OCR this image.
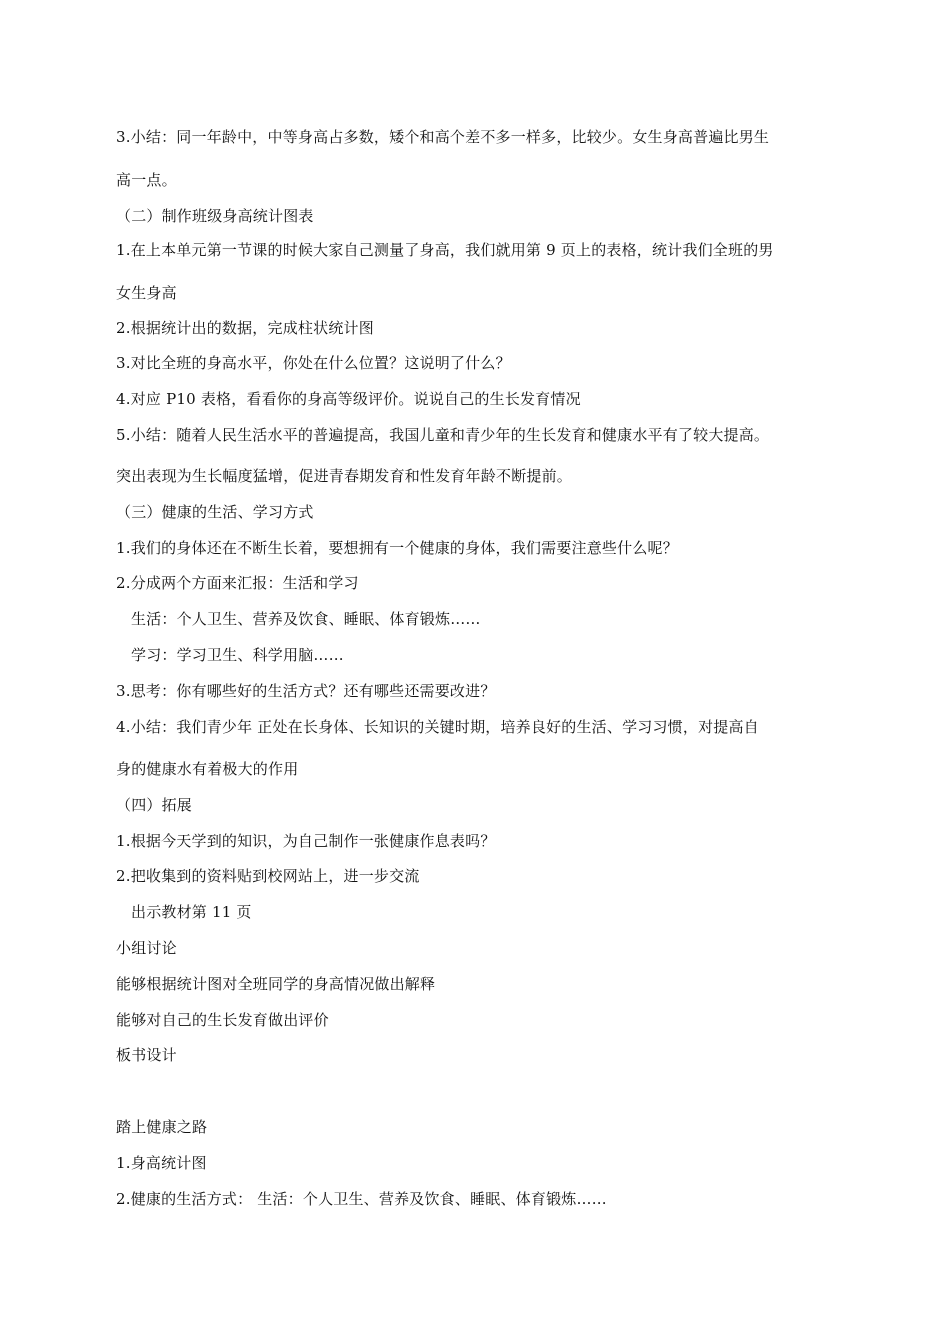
3.小结：同一年龄中，中等身高占多数，矮个和高个差不多一样多，比较少。女生身高普遍比男生
高一点。
（二）制作班级身高统计图表
1.在上本单元第一节课的时候大家自己测量了身高，我们就用第 9 页上的表格，统计我们全班的男
女生身高
2.根据统计出的数据，完成柱状统计图
3.对比全班的身高水平，你处在什么位置？这说明了什么？
4.对应 P10 表格，看看你的身高等级评价。说说自己的生长发育情况
5.小结：随着人民生活水平的普遍提高，我国儿童和青少年的生长发育和健康水平有了较大提高。
突出表现为生长幅度猛增，促进青春期发育和性发育年龄不断提前。
（三）健康的生活、学习方式
1.我们的身体还在不断生长着，要想拥有一个健康的身体，我们需要注意些什么呢？
2.分成两个方面来汇报：生活和学习
生活：个人卫生、营养及饮食、睡眠、体育锻炼……
学习：学习卫生、科学用脑……
3.思考：你有哪些好的生活方式？还有哪些还需要改进？
4.小结：我们青少年 正处在长身体、长知识的关键时期，培养良好的生活、学习习惯，对提高自
身的健康水有着极大的作用
（四）拓展
1.根据今天学到的知识，为自己制作一张健康作息表吗？
2.把收集到的资料贴到校网站上，进一步交流
出示教材第 11 页
小组讨论
能够根据统计图对全班同学的身高情况做出解释
能够对自己的生长发育做出评价
板书设计
踏上健康之路
1.身高统计图
2.健康的生活方式： 生活：个人卫生、营养及饮食、睡眠、体育锻炼……
